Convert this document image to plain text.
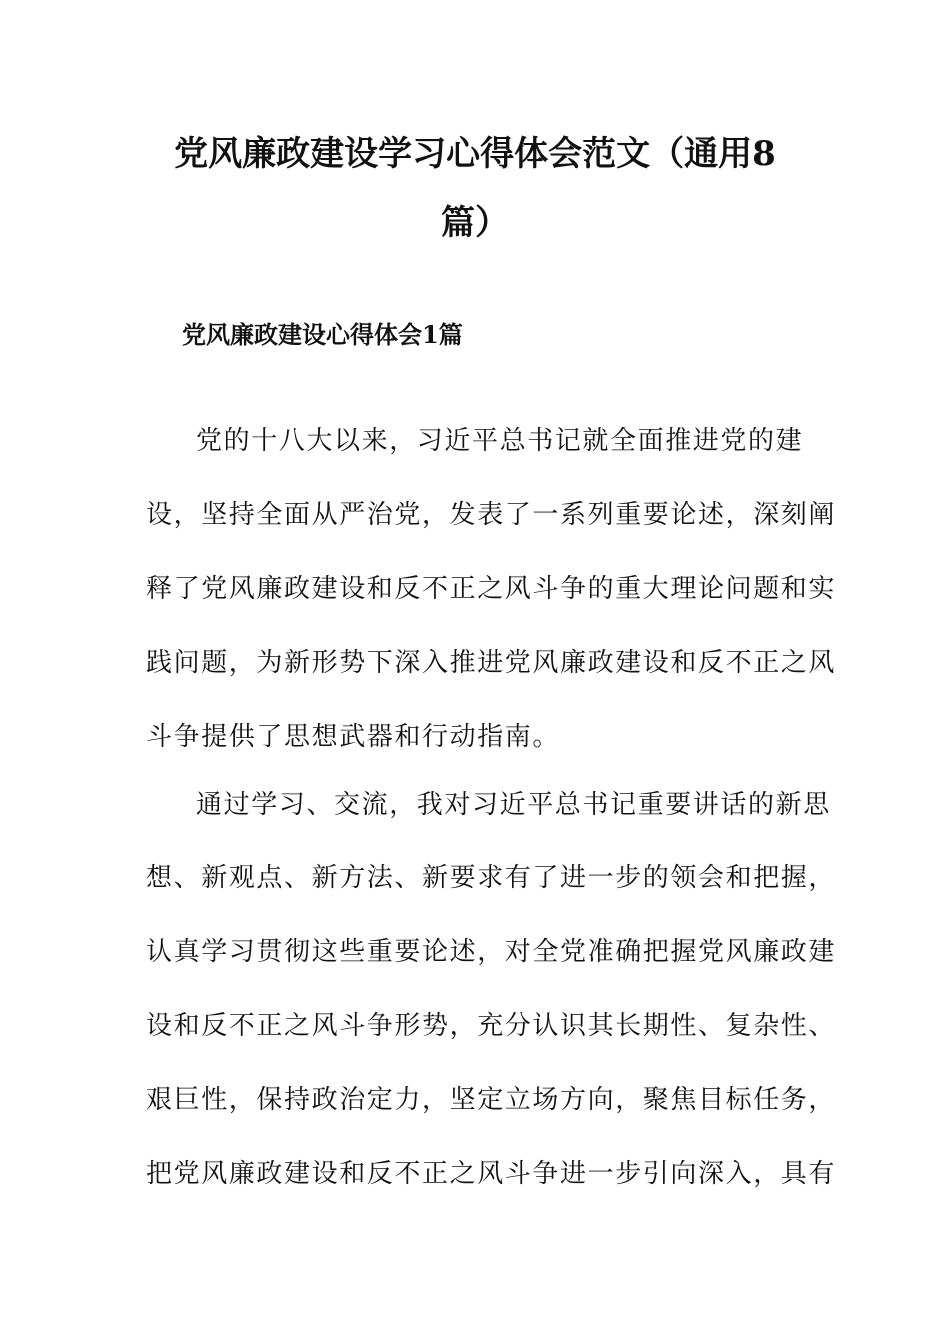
党风廉政建设学习心得体会范文（通用8
篇）
党风廉政建设心得体会1篇
党的十八大以来，习近平总书记就全面推进党的建
设，坚持全面从严治党，发表了一系列重要论述，深刻阐
释了党风廉政建设和反不正之风斗争的重大理论问题和实
践问题，为新形势下深入推进党风廉政建设和反不正之风
斗争提供了思想武器和行动指南。
通过学习、交流，我对习近平总书记重要讲话的新思
想、新观点、新方法、新要求有了进一步的领会和把握，
认真学习贯彻这些重要论述，对全党准确把握党风廉政建
设和反不正之风斗争形势，充分认识其长期性、复杂性、
艰巨性，保持政治定力，坚定立场方向，聚焦目标任务，
把党风廉政建设和反不正之风斗争进一步引向深入，具有
